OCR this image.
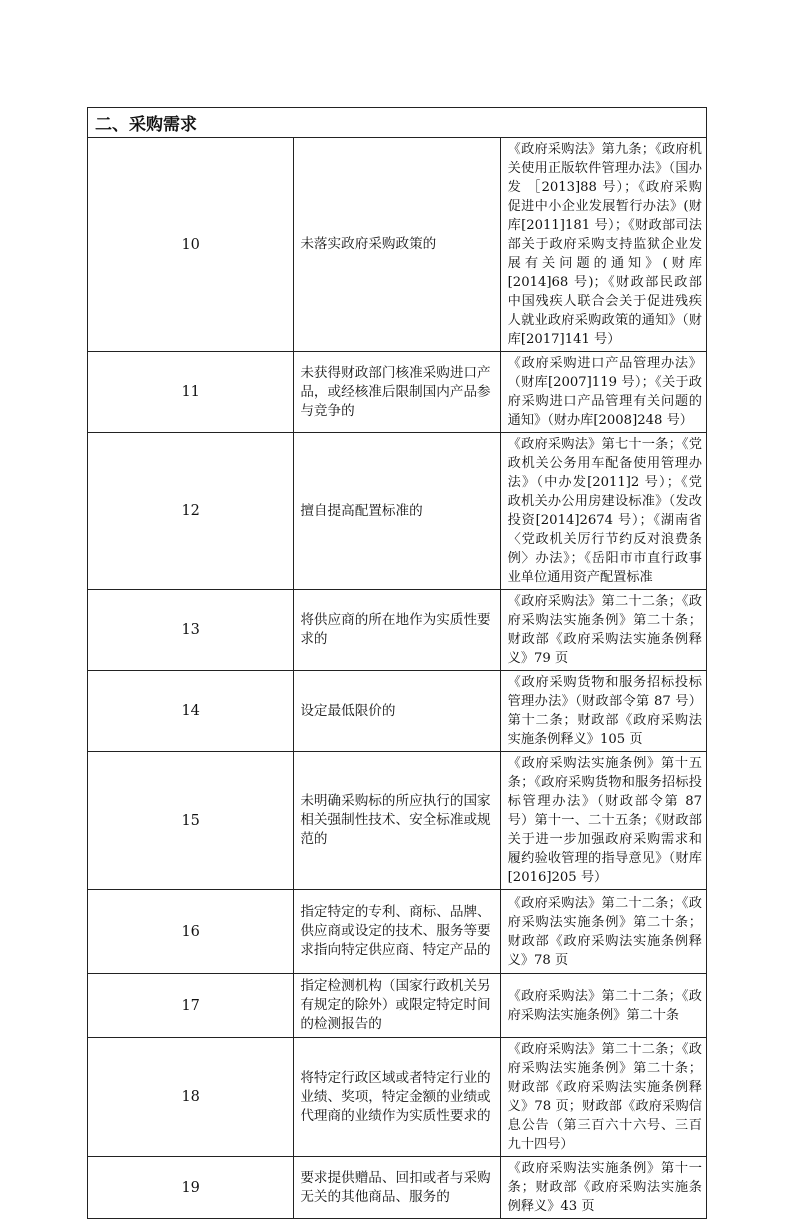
二、采购需求		
10	未落实政府采购政策的	《政府采购法》第九条；《政府机关使用正版软件管理办法》（国办发 ［2013]88 号）；《政府采购促进中小企业发展暂行办法》(财库[2011]181 号）；《财政部司法部关于政府采购支持监狱企业发展有关问题的通知》(财库[2014]68 号)；《财政部民政部中国残疾人联合会关于促进残疾人就业政府采购政策的通知》（财库[2017]141 号）
11	未获得财政部门核准采购进口产品，或经核准后限制国内产品参与竞争的	《政府采购进口产品管理办法》（财库[2007]119 号）；《关于政府采购进口产品管理有关问题的通知》（财办库[2008]248 号）
12	擅自提高配置标准的	《政府采购法》第七十一条；《党政机关公务用车配备使用管理办法》（中办发[2011]2 号）；《党政机关办公用房建设标准》（发改投资[2014]2674 号）；《湖南省〈党政机关厉行节约反对浪费条例〉办法》；《岳阳市市直行政事业单位通用资产配置标准
13	将供应商的所在地作为实质性要求的	《政府采购法》第二十二条；《政府采购法实施条例》第二十条；财政部《政府采购法实施条例释义》79 页
14	设定最低限价的	《政府采购货物和服务招标投标管理办法》（财政部令第 87 号）第十二条；财政部《政府采购法实施条例释义》105 页
15	未明确采购标的所应执行的国家相关强制性技术、安全标准或规范的	《政府采购法实施条例》第十五条；《政府采购货物和服务招标投标管理办法》（财政部令第 87 号）第十一、二十五条；《财政部关于进一步加强政府采购需求和履约验收管理的指导意见》（财库[2016]205 号）
16	指定特定的专利、商标、品牌、供应商或设定的技术、服务等要求指向特定供应商、特定产品的	《政府采购法》第二十二条；《政府采购法实施条例》第二十条；财政部《政府采购法实施条例释义》78 页
17	指定检测机构（国家行政机关另有规定的除外）或限定特定时间的检测报告的	《政府采购法》第二十二条；《政府采购法实施条例》第二十条
18	将特定行政区域或者特定行业的业绩、奖项，特定金额的业绩或代理商的业绩作为实质性要求的	《政府采购法》第二十二条；《政府采购法实施条例》第二十条；财政部《政府采购法实施条例释义》78 页；财政部《政府采购信息公告（第三百六十六号、三百九十四号）
19	要求提供赠品、回扣或者与采购无关的其他商品、服务的	《政府采购法实施条例》第十一条；财政部《政府采购法实施条例释义》43 页
